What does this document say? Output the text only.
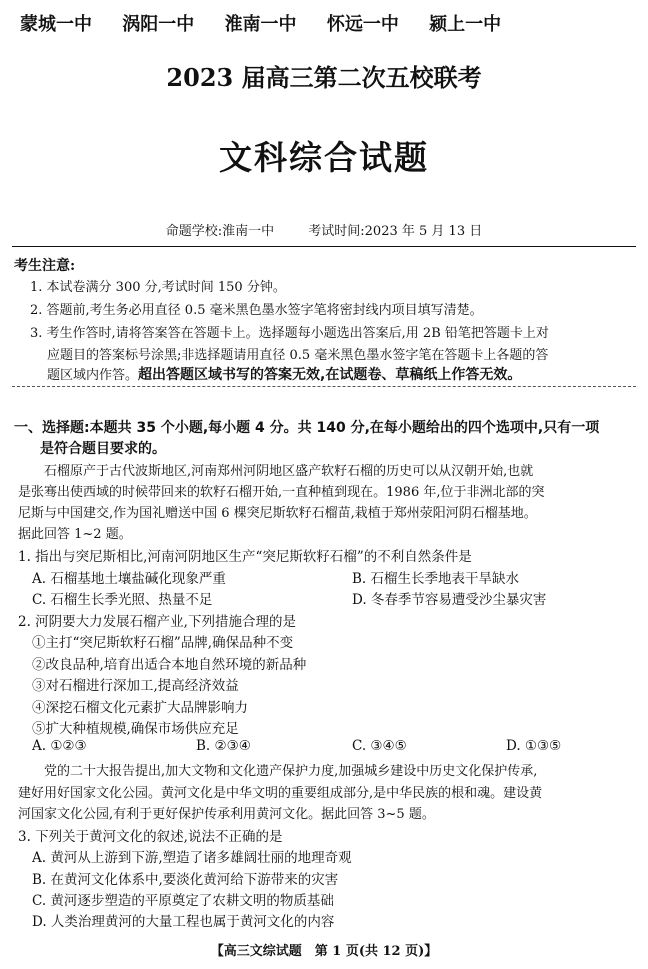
蒙城一中 涡阳一中 淮南一中 怀远一中 颍上一中
2023 届高三第二次五校联考
文科综合试题
命题学校:淮南一中	考试时间:2023 年 5 月 13 日
考生注意:
1. 本试卷满分 300 分,考试时间 150 分钟。
2. 答题前,考生务必用直径 0.5 毫米黑色墨水签字笔将密封线内项目填写清楚。
3. 考生作答时,请将答案答在答题卡上。选择题每小题选出答案后,用 2B 铅笔把答题卡上对
应题目的答案标号涂黑;非选择题请用直径 0.5 毫米黑色墨水签字笔在答题卡上各题的答
题区域内作答。超出答题区域书写的答案无效,在试题卷、草稿纸上作答无效。
一、选择题:本题共 35 个小题,每小题 4 分。共 140 分,在每小题给出的四个选项中,只有一项
是符合题目要求的。
石榴原产于古代波斯地区,河南郑州河阴地区盛产软籽石榴的历史可以从汉朝开始,也就
是张骞出使西域的时候带回来的软籽石榴开始,一直种植到现在。1986 年,位于非洲北部的突
尼斯与中国建交,作为国礼赠送中国 6 棵突尼斯软籽石榴苗,栽植于郑州荥阳河阴石榴基地。
据此回答 1~2 题。
1. 指出与突尼斯相比,河南河阴地区生产“突尼斯软籽石榴”的不利自然条件是
A. 石榴基地土壤盐碱化现象严重	B. 石榴生长季地表干旱缺水
C. 石榴生长季光照、热量不足	D. 冬春季节容易遭受沙尘暴灾害
2. 河阴要大力发展石榴产业,下列措施合理的是
①主打“突尼斯软籽石榴”品牌,确保品种不变
②改良品种,培育出适合本地自然环境的新品种
③对石榴进行深加工,提高经济效益
④深挖石榴文化元素扩大品牌影响力
⑤扩大种植规模,确保市场供应充足
A. ①②③	B. ②③④	C. ③④⑤	D. ①③⑤
党的二十大报告提出,加大文物和文化遗产保护力度,加强城乡建设中历史文化保护传承,
建好用好国家文化公园。黄河文化是中华文明的重要组成部分,是中华民族的根和魂。建设黄
河国家文化公园,有利于更好保护传承利用黄河文化。据此回答 3~5 题。
3. 下列关于黄河文化的叙述,说法不正确的是
A. 黄河从上游到下游,塑造了诸多雄阔壮丽的地理奇观
B. 在黄河文化体系中,要淡化黄河给下游带来的灾害
C. 黄河逐步塑造的平原奠定了农耕文明的物质基础
D. 人类治理黄河的大量工程也属于黄河文化的内容
【高三文综试题　第 1 页(共 12 页)】
